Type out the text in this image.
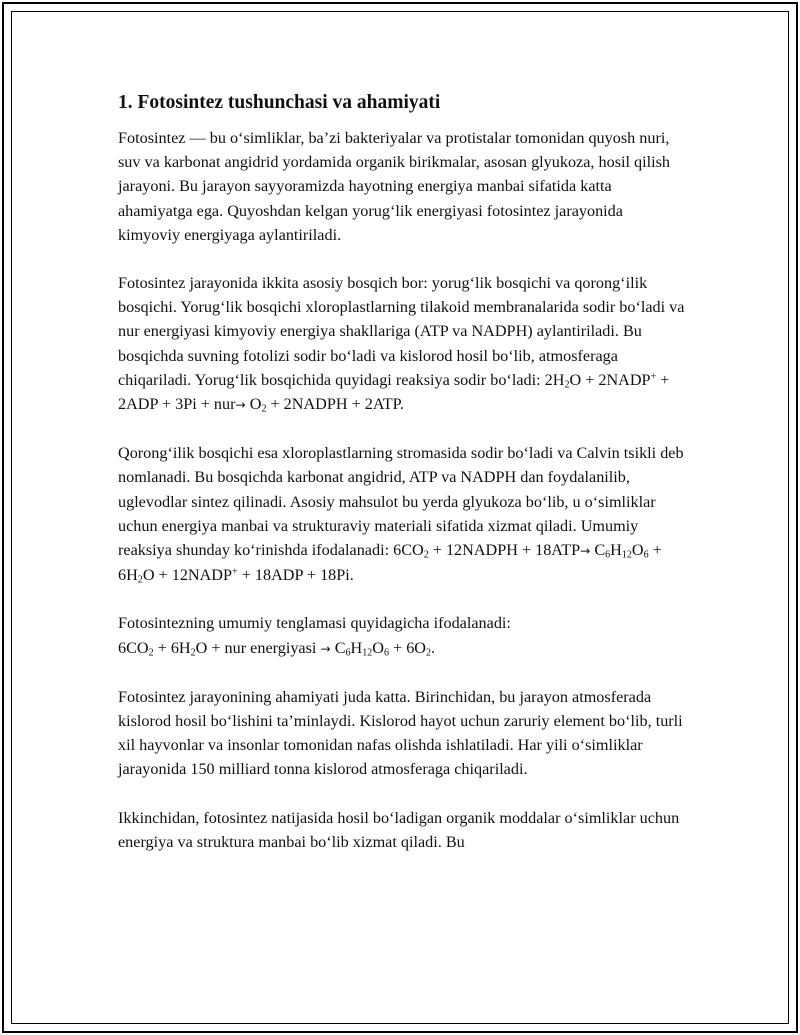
1. Fotosintez tushunchasi va ahamiyati

Fotosintez — bu o‘simliklar, ba’zi bakteriyalar va protistalar tomonidan quyosh nuri, suv va karbonat angidrid yordamida organik birikmalar, asosan glyukoza, hosil qilish jarayoni. Bu jarayon sayyoramizda hayotning energiya manbai sifatida katta ahamiyatga ega. Quyoshdan kelgan yorug‘lik energiyasi fotosintez jarayonida kimyoviy energiyaga aylantiriladi.

Fotosintez jarayonida ikkita asosiy bosqich bor: yorug‘lik bosqichi va qorong‘ilik bosqichi. Yorug‘lik bosqichi xloroplastlarning tilakoid membranalarida sodir bo‘ladi va nur energiyasi kimyoviy energiya shakllariga (ATP va NADPH) aylantiriladi. Bu bosqichda suvning fotolizi sodir bo‘ladi va kislorod hosil bo‘lib, atmosferaga chiqariladi. Yorug‘lik bosqichida quyidagi reaksiya sodir bo‘ladi: $2H_2O$ + 2NADP+ + $2ADP + 3Pi + nur\to O_2$ + 2NADPH + 2ATP.

Qorong‘ilik bosqichi esa xloroplastlarning stromasida sodir bo‘ladi va Calvin tsikli deb nomlanadi. Bu bosqichda karbonat angidrid, ATP va NADPH dan foydalanilib, uglevodlar sintez qilinadi. Asosiy mahsulot bu yerda glyukoza bo‘lib, u o‘simliklar uchun energiya manbai va strukturaviy materiali sifatida xizmat qiladi. Umumiy reaksiya shunday ko‘rinishda ifodalanadi: $6CO_2$ + 12NADPH + $18ATP\to C_6H_{12}O_6 + 6H_2O$ + 12NADP+ + 18ADP + 18Pi.

Fotosintezning umumiy tenglamasi quyidagicha ifodalanadi:
$6CO_2 + 6H_2O$ + nur energiyasi → $C_6H_{12}O_6 + 6O_2$.

Fotosintez jarayonining ahamiyati juda katta. Birinchidan, bu jarayon atmosferada kislorod hosil bo‘lishini ta’minlaydi. Kislorod hayot uchun zaruriy element bo‘lib, turli xil hayvonlar va insonlar tomonidan nafas olishda ishlatiladi. Har yili o‘simliklar jarayonida 150 milliard tonna kislorod atmosferaga chiqariladi.

Ikkinchidan, fotosintez natijasida hosil bo‘ladigan organik moddalar o‘simliklar uchun energiya va struktura manbai bo‘lib xizmat qiladi. Bu
